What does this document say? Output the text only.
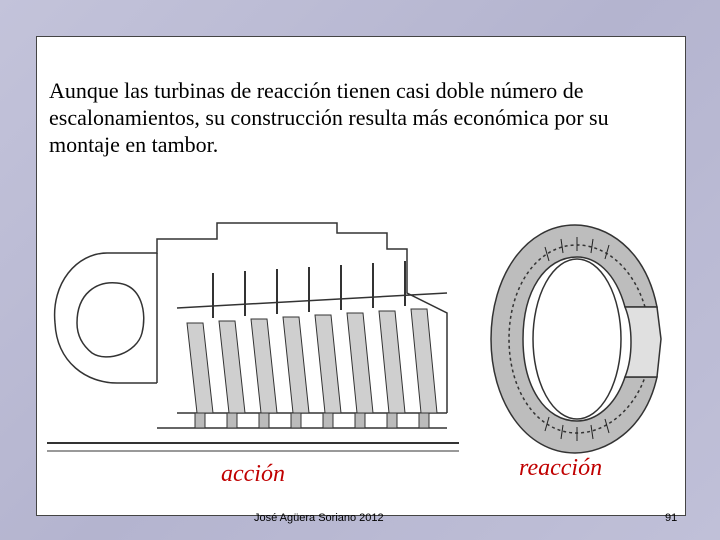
Aunque las turbinas de reacción tienen casi doble número de escalonamientos, su construcción resulta más económica por su montaje en tambor.

acción	reacción
José Agüera Soriano 2012	91
